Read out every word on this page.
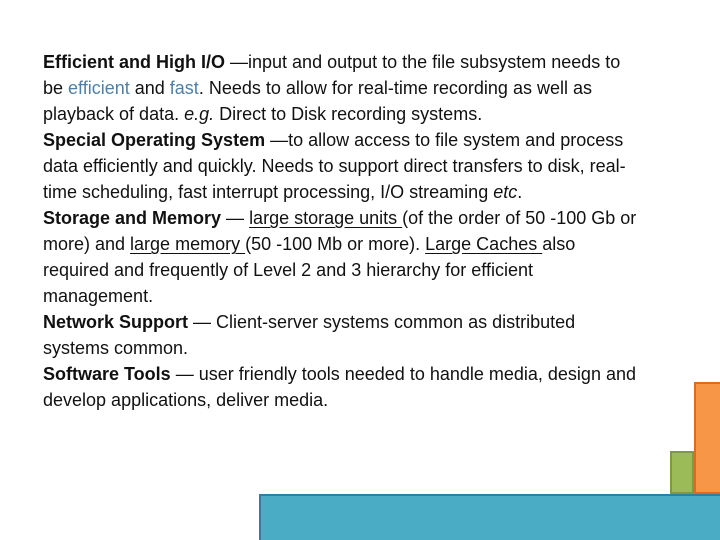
Efficient and High I/O —input and output to the file subsystem needs to be efficient and fast. Needs to allow for real-time recording as well as playback of data. e.g. Direct to Disk recording systems.

Special Operating System —to allow access to file system and process data efficiently and quickly. Needs to support direct transfers to disk, real-time scheduling, fast interrupt processing, I/O streaming etc.

Storage and Memory — large storage units (of the order of 50 -100 Gb or more) and large memory (50 -100 Mb or more). Large Caches also required and frequently of Level 2 and 3 hierarchy for efficient management.

Network Support — Client-server systems common as distributed systems common.

Software Tools — user friendly tools needed to handle media, design and develop applications, deliver media.
